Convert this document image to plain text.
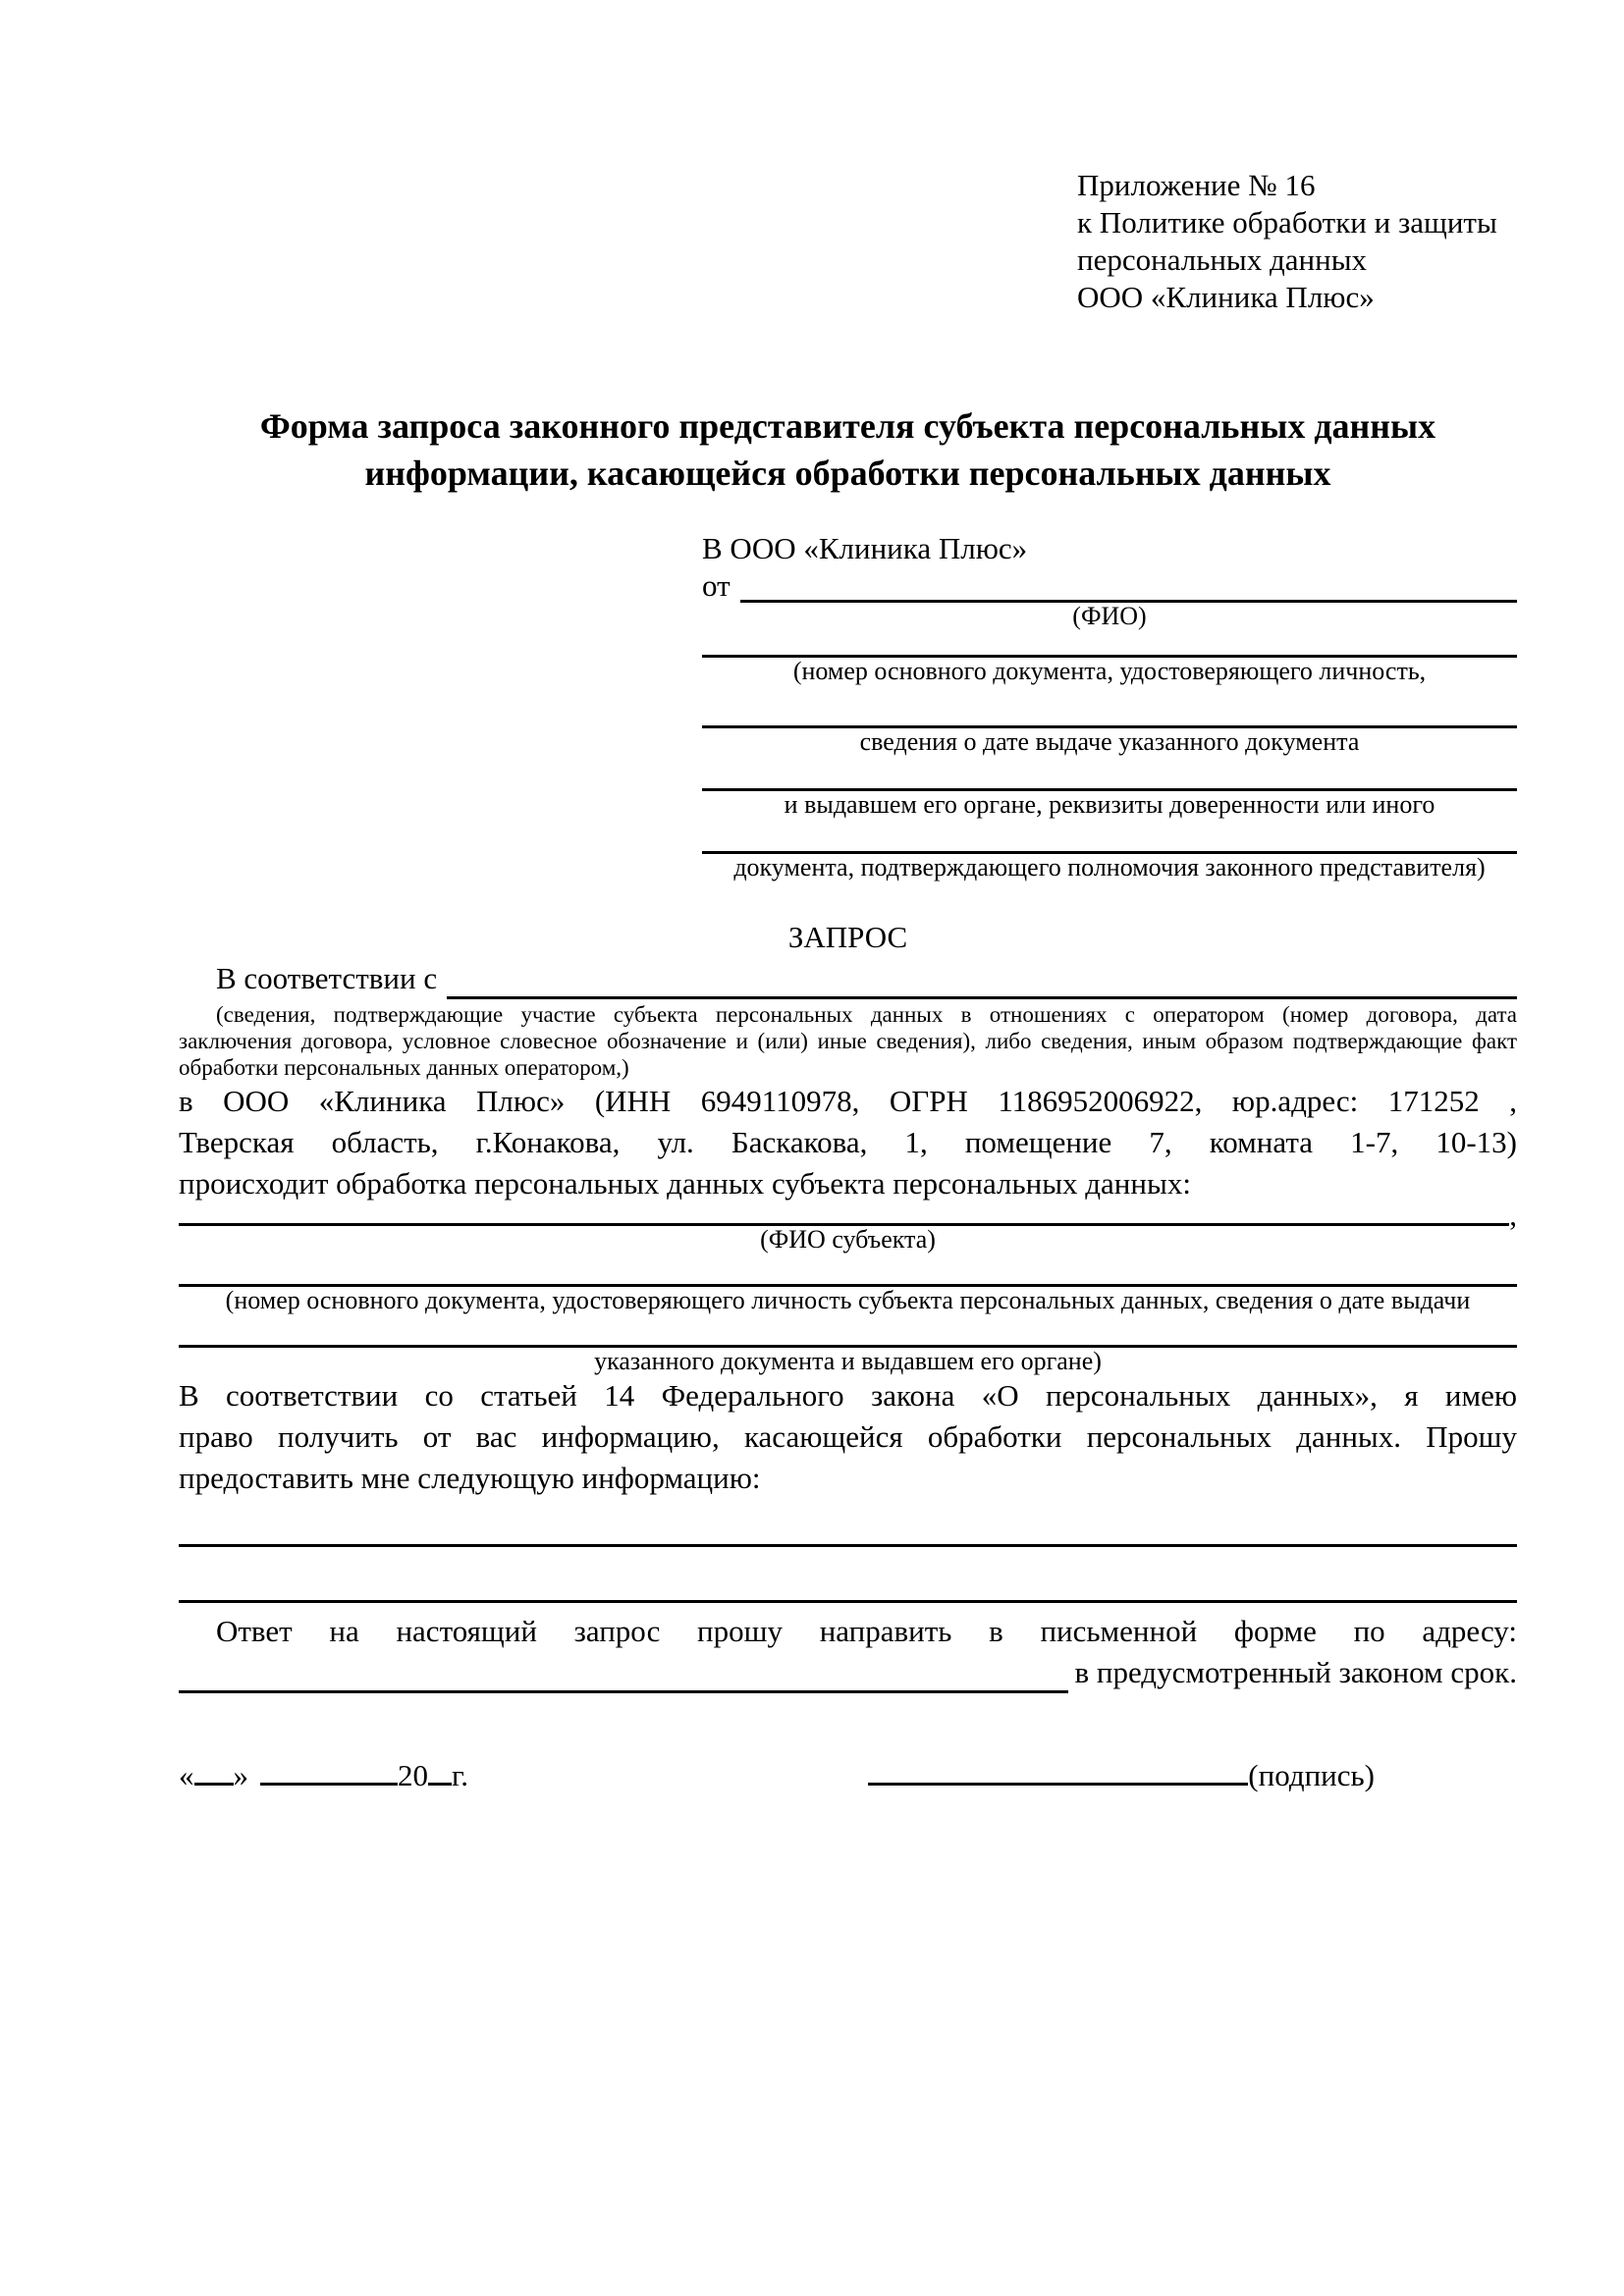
Приложение № 16
к Политике обработки и защиты
персональных данных
ООО «Клиника Плюс»
Форма запроса законного представителя субъекта персональных данных
информации, касающейся обработки персональных данных
В ООО «Клиника Плюс»
от
(ФИО)
(номер основного документа, удостоверяющего личность,
сведения о дате выдаче указанного документа
и выдавшем его органе, реквизиты доверенности или иного
документа, подтверждающего полномочия законного представителя)
ЗАПРОС
В соответствии с
(сведения, подтверждающие участие субъекта персональных данных в отношениях с оператором (номер договора, дата
заключения договора, условное словесное обозначение и (или) иные сведения), либо сведения, иным образом подтверждающие факт
обработки персональных данных оператором,)
в ООО «Клиника Плюс» (ИНН 6949110978, ОГРН 1186952006922, юр.адрес: 171252 ,
Тверская область, г.Конакова, ул. Баскакова, 1, помещение 7, комната 1-7, 10-13)
происходит обработка персональных данных субъекта персональных данных:
,
(ФИО субъекта)
(номер основного документа, удостоверяющего личность субъекта персональных данных, сведения о дате выдачи
указанного документа и выдавшем его органе)
В соответствии со статьей 14 Федерального закона «О персональных данных», я имею
право получить от вас информацию, касающейся обработки персональных данных. Прошу
предоставить мне следующую информацию:
Ответ на настоящий запрос прошу направить в письменной форме по адресу:
в предусмотренный законом срок.
« »	20 г.	(подпись)
